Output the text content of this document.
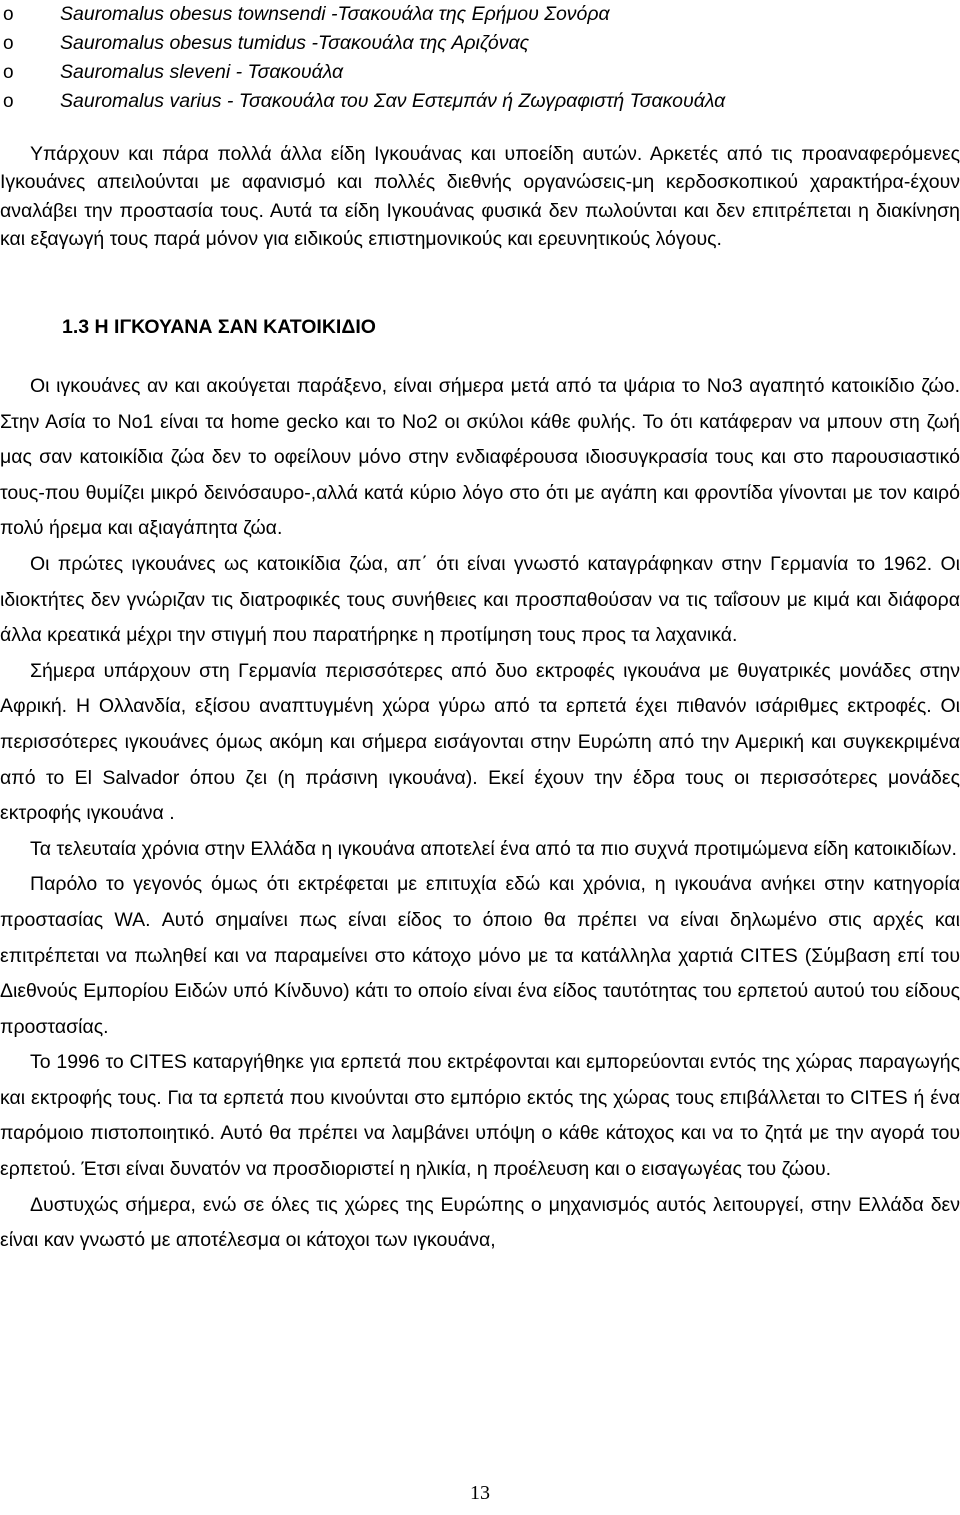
o Sauromalus obesus townsendi -Τσακουάλα της Ερήμου Σονόρα
o Sauromalus obesus tumidus -Τσακουάλα της Αριζόνας
o Sauromalus sleveni - Τσακουάλα
o Sauromalus varius - Τσακουάλα του Σαν Εστεμπάν ή Ζωγραφιστή Τσακουάλα

Υπάρχουν και πάρα πολλά άλλα είδη Ιγκουάνας και υποείδη αυτών. Αρκετές από τις προαναφερόμενες Ιγκουάνες απειλούνται με αφανισμό και πολλές διεθνής οργανώσεις-μη κερδοσκοπικού χαρακτήρα-έχουν αναλάβει την προστασία τους. Αυτά τα είδη Ιγκουάνας φυσικά δεν πωλούνται και δεν επιτρέπεται η διακίνηση και εξαγωγή τους παρά μόνον για ειδικούς επιστημονικούς και ερευνητικούς λόγους.

1.3 Η ΙΓΚΟΥΑΝΑ ΣΑΝ ΚΑΤΟΙΚΙΔΙΟ

Οι ιγκουάνες αν και ακούγεται παράξενο, είναι σήμερα μετά από τα ψάρια το Νο3 αγαπητό κατοικίδιο ζώο. Στην Ασία το Νο1 είναι τα home gecko και το Νο2 οι σκύλοι κάθε φυλής. Το ότι κατάφεραν να μπουν στη ζωή μας σαν κατοικίδια ζώα δεν το οφείλουν μόνο στην ενδιαφέρουσα ιδιοσυγκρασία τους και στο παρουσιαστικό τους-που θυμίζει μικρό δεινόσαυρο-,αλλά κατά κύριο λόγο στο ότι με αγάπη και φροντίδα γίνονται με τον καιρό πολύ ήρεμα και αξιαγάπητα ζώα.

Οι πρώτες ιγκουάνες ως κατοικίδια ζώα, απ΄ ότι είναι γνωστό καταγράφηκαν στην Γερμανία το 1962. Οι ιδιοκτήτες δεν γνώριζαν τις διατροφικές τους συνήθειες και προσπαθούσαν να τις ταΐσουν με κιμά και διάφορα άλλα κρεατικά μέχρι την στιγμή που παρατήρηκε η προτίμηση τους προς τα λαχανικά.

Σήμερα υπάρχουν στη Γερμανία περισσότερες από δυο εκτροφές ιγκουάνα με θυγατρικές μονάδες στην Αφρική. Η Ολλανδία, εξίσου αναπτυγμένη χώρα γύρω από τα ερπετά έχει πιθανόν ισάριθμες εκτροφές. Οι περισσότερες ιγκουάνες όμως ακόμη και σήμερα εισάγονται στην Ευρώπη από την Αμερική και συγκεκριμένα από το El Salvador όπου ζει (η πράσινη ιγκουάνα). Εκεί έχουν την έδρα τους οι περισσότερες μονάδες εκτροφής ιγκουάνα .

Τα τελευταία χρόνια στην Ελλάδα η ιγκουάνα αποτελεί ένα από τα πιο συχνά προτιμώμενα είδη κατοικιδίων.

Παρόλο το γεγονός όμως ότι εκτρέφεται με επιτυχία εδώ και χρόνια, η ιγκουάνα ανήκει στην κατηγορία προστασίας WA. Αυτό σημαίνει πως είναι είδος το όποιο θα πρέπει να είναι δηλωμένο στις αρχές και επιτρέπεται να πωληθεί και να παραμείνει στο κάτοχο μόνο με τα κατάλληλα χαρτιά CITES (Σύμβαση επί του Διεθνούς Εμπορίου Ειδών υπό Κίνδυνο) κάτι το οποίο είναι ένα είδος ταυτότητας του ερπετού αυτού του είδους προστασίας.

Το 1996 το CITES καταργήθηκε για ερπετά που εκτρέφονται και εμπορεύονται εντός της χώρας παραγωγής και εκτροφής τους. Για τα ερπετά που κινούνται στο εμπόριο εκτός της χώρας τους επιβάλλεται το CITES ή ένα παρόμοιο πιστοποιητικό. Αυτό θα πρέπει να λαμβάνει υπόψη ο κάθε κάτοχος και να το ζητά με την αγορά του ερπετού. Έτσι είναι δυνατόν να προσδιοριστεί η ηλικία, η προέλευση και ο εισαγωγέας του ζώου.

Δυστυχώς σήμερα, ενώ σε όλες τις χώρες της Ευρώπης ο μηχανισμός αυτός λειτουργεί, στην Ελλάδα δεν είναι καν γνωστό με αποτέλεσμα οι κάτοχοι των ιγκουάνα,

13
